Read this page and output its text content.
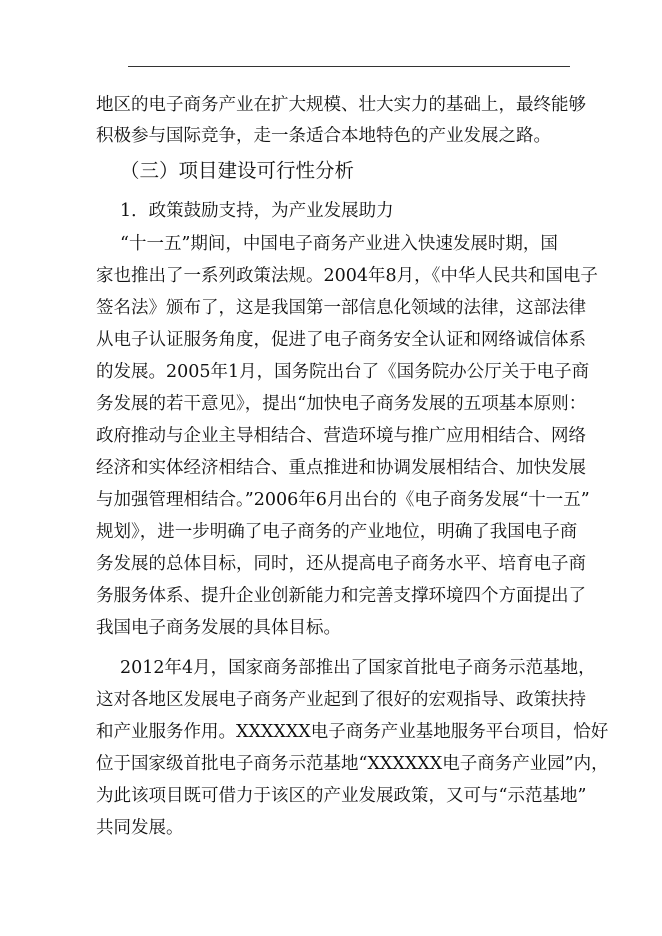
地区的电子商务产业在扩大规模、壮大实力的基础上，最终能够
积极参与国际竞争，走一条适合本地特色的产业发展之路。
（三）项目建设可行性分析
1．政策鼓励支持，为产业发展助力
“十一五”期间，中国电子商务产业进入快速发展时期，国
家也推出了一系列政策法规。2004年8月，《中华人民共和国电子
签名法》颁布了，这是我国第一部信息化领域的法律，这部法律
从电子认证服务角度，促进了电子商务安全认证和网络诚信体系
的发展。2005年1月，国务院出台了《国务院办公厅关于电子商
务发展的若干意见》，提出“加快电子商务发展的五项基本原则：
政府推动与企业主导相结合、营造环境与推广应用相结合、网络
经济和实体经济相结合、重点推进和协调发展相结合、加快发展
与加强管理相结合。”2006年6月出台的《电子商务发展“十一五”
规划》，进一步明确了电子商务的产业地位，明确了我国电子商
务发展的总体目标，同时，还从提高电子商务水平、培育电子商
务服务体系、提升企业创新能力和完善支撑环境四个方面提出了
我国电子商务发展的具体目标。
2012年4月，国家商务部推出了国家首批电子商务示范基地，
这对各地区发展电子商务产业起到了很好的宏观指导、政策扶持
和产业服务作用。XXXXXX电子商务产业基地服务平台项目，恰好
位于国家级首批电子商务示范基地“XXXXXX电子商务产业园”内，
为此该项目既可借力于该区的产业发展政策，又可与“示范基地”
共同发展。
